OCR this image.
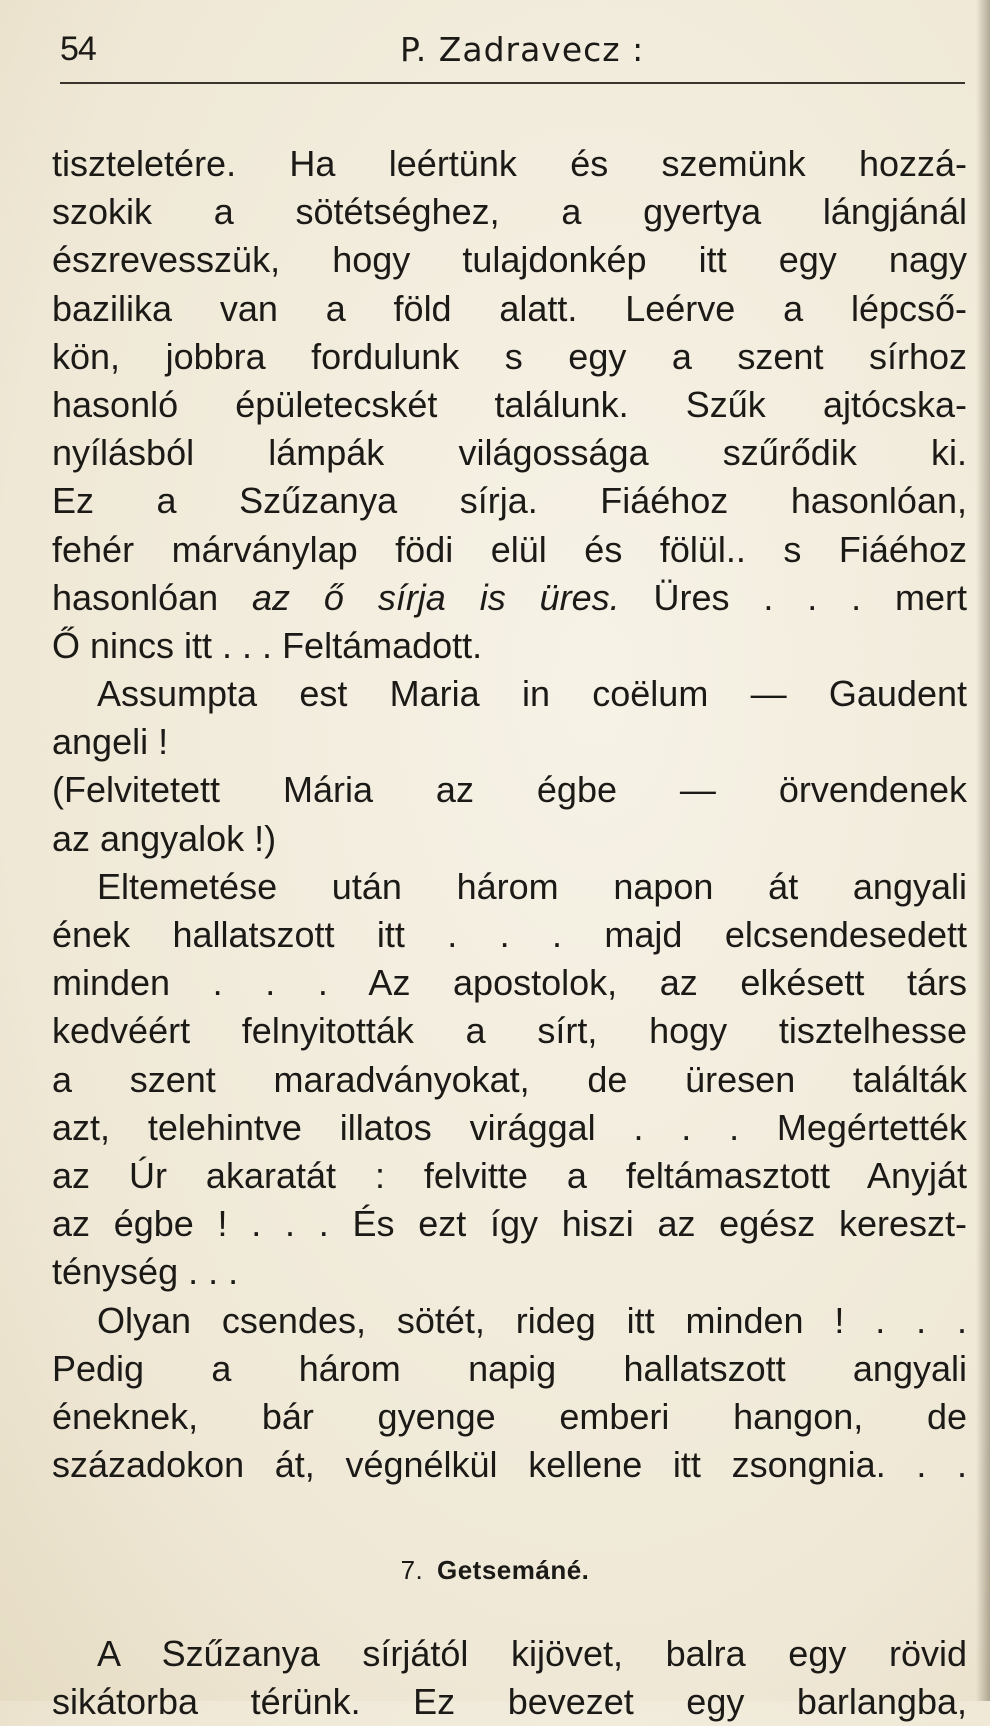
54	P. Zadravecz :
tiszteletére. Ha leértünk és szemünk hozzá-
szokik a sötétséghez, a gyertya lángjánál
észrevesszük, hogy tulajdonkép itt egy nagy
bazilika van a föld alatt. Leérve a lépcső-
kön, jobbra fordulunk s egy a szent sírhoz
hasonló épületecskét találunk. Szűk ajtócska-
nyílásból lámpák világossága szűrődik ki.
Ez a Szűzanya sírja. Fiáéhoz hasonlóan,
fehér márványlap födi elül és fölül.. s Fiáéhoz
hasonlóan az ő sírja is üres. Üres . . . mert
Ő nincs itt . . . Feltámadott.
Assumpta est Maria in coëlum — Gaudent
angeli !
(Felvitetett Mária az égbe — örvendenek
az angyalok !)
Eltemetése után három napon át angyali
ének hallatszott itt . . . majd elcsendesedett
minden . . . Az apostolok, az elkésett társ
kedvéért felnyitották a sírt, hogy tisztelhesse
a szent maradványokat, de üresen találták
azt, telehintve illatos virággal . . . Megértették
az Úr akaratát : felvitte a feltámasztott Anyját
az égbe ! . . . És ezt így hiszi az egész kereszt-
ténység . . .
Olyan csendes, sötét, rideg itt minden ! . . .
Pedig a három napig hallatszott angyali
éneknek, bár gyenge emberi hangon, de
századokon át, végnélkül kellene itt zsongnia. . .
7. Getsemáné.
A Szűzanya sírjától kijövet, balra egy rövid
sikátorba térünk. Ez bevezet egy barlangba,
